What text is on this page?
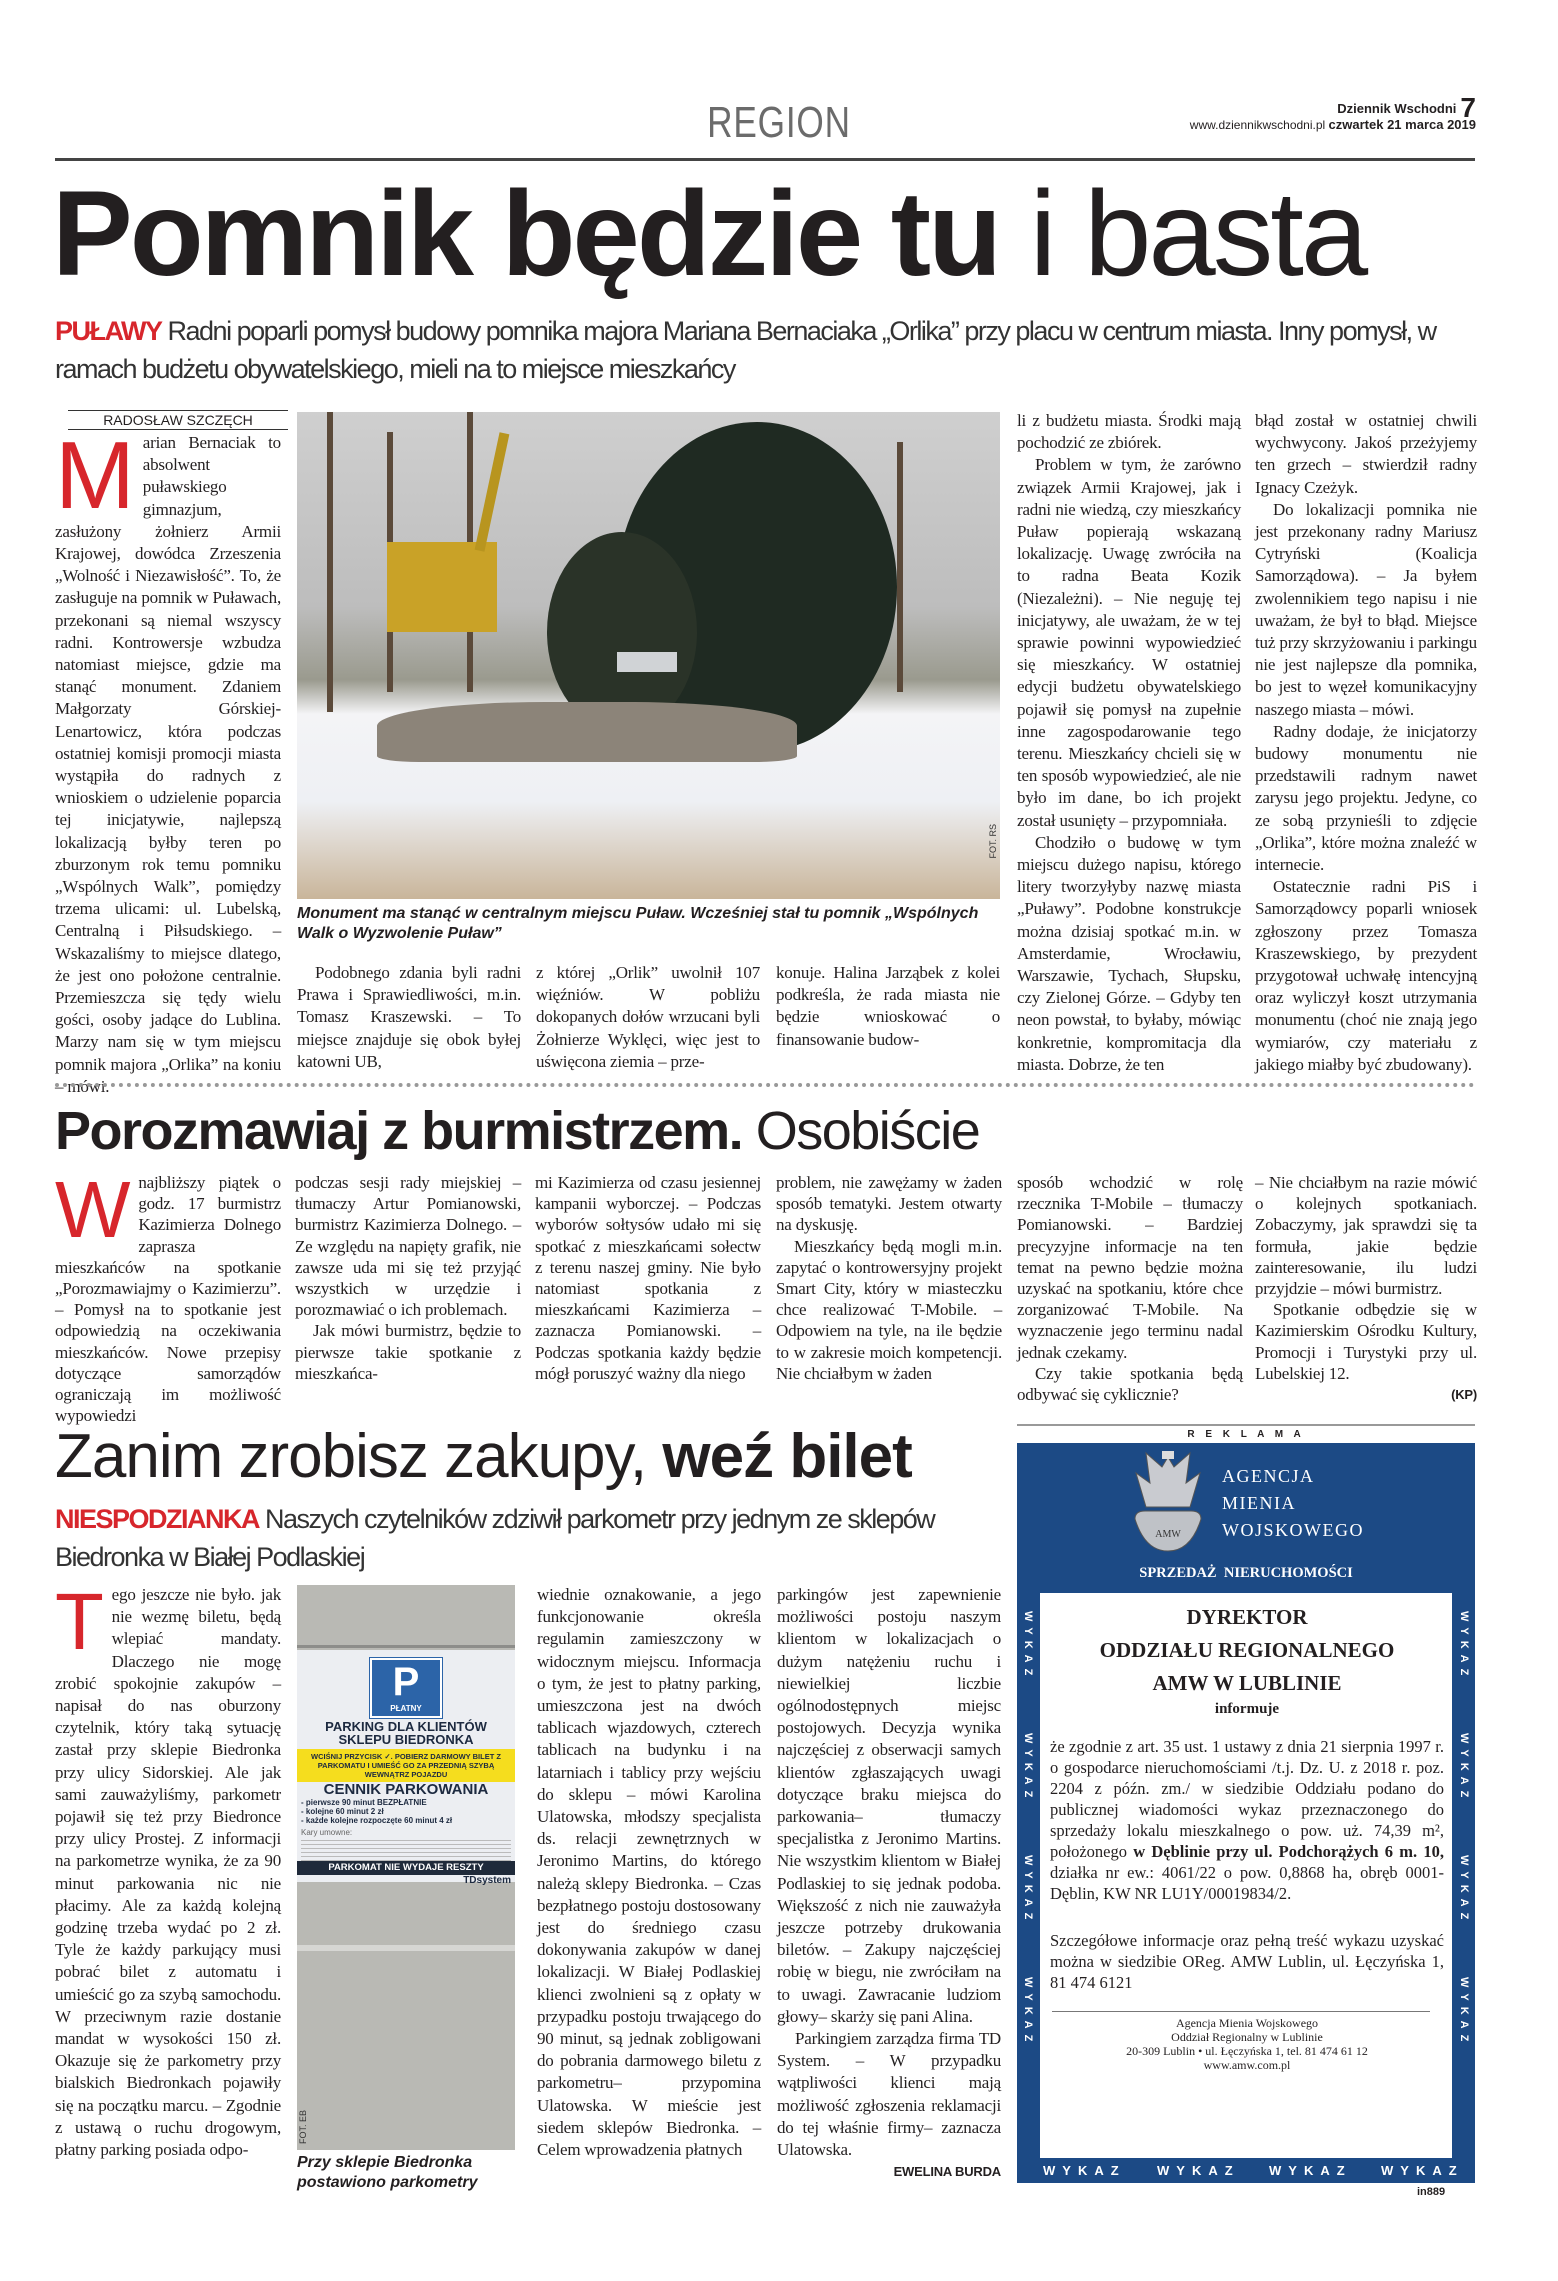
REGION	Dziennik Wschodni 7
www.dziennikwschodni.pl czwartek 21 marca 2019
Pomnik będzie tu i basta
PUŁAWY Radni poparli pomysł budowy pomnika majora Mariana Bernaciaka „Orlika” przy placu w centrum miasta. Inny pomysł, w ramach budżetu obywatelskiego, mieli na to miejsce mieszkańcy
RADOSŁAW SZCZĘCH
M arian Bernaciak to absolwent puławskiego gimnazjum, zasłużony żołnierz Armii Krajowej, dowódca Zrzeszenia „Wolność i Niezawisłość”. To, że zasługuje na pomnik w Puławach, przekonani są niemal wszyscy radni. Kontrowersje wzbudza natomiast miejsce, gdzie ma stanąć monument. Zdaniem Małgorzaty Górskiej-Lenartowicz, która podczas ostatniej komisji promocji miasta wystąpiła do radnych z wnioskiem o udzielenie poparcia tej inicjatywie, najlepszą lokalizacją byłby teren po zburzonym rok temu pomniku „Wspólnych Walk”, pomiędzy trzema ulicami: ul. Lubelską, Centralną i Piłsudskiego. – Wskazaliśmy to miejsce dlatego, że jest ono położone centralnie. Przemieszcza się tędy wielu gości, osoby jadące do Lublina. Marzy nam się w tym miejscu pomnik majora „Orlika” na koniu – mówi.

FOT. RS
Monument ma stanąć w centralnym miejscu Puław. Wcześniej stał tu pomnik „Wspólnych Walk o Wyzwolenie Puław”

Podobnego zdania byli radni Prawa i Sprawiedliwości, m.in. Tomasz Kraszewski. – To miejsce znajduje się obok byłej katowni UB,

z której „Orlik” uwolnił 107 więźniów. W pobliżu dokopanych dołów wrzucani byli Żołnierze Wyklęci, więc jest to uświęcona ziemia – prze-

konuje. Halina Jarząbek z kolei podkreśla, że rada miasta nie będzie wnioskować o finansowanie budow-

li z budżetu miasta. Środki mają pochodzić ze zbiórek.

Problem w tym, że zarówno związek Armii Krajowej, jak i radni nie wiedzą, czy mieszkańcy Puław popierają wskazaną lokalizację. Uwagę zwróciła na to radna Beata Kozik (Niezależni). – Nie neguję tej inicjatywy, ale uważam, że w tej sprawie powinni wypowiedzieć się mieszkańcy. W ostatniej edycji budżetu obywatelskiego pojawił się pomysł na zupełnie inne zagospodarowanie tego terenu. Mieszkańcy chcieli się w ten sposób wypowiedzieć, ale nie było im dane, bo ich projekt został usunięty – przypomniała.

Chodziło o budowę w tym miejscu dużego napisu, którego litery tworzyłyby nazwę miasta „Puławy”. Podobne konstrukcje można dzisiaj spotkać m.in. w Amsterdamie, Wrocławiu, Warszawie, Tychach, Słupsku, czy Zielonej Górze. – Gdyby ten neon powstał, to byłaby, mówiąc konkretnie, kompromitacja dla miasta. Dobrze, że ten

błąd został w ostatniej chwili wychwycony. Jakoś przeżyjemy ten grzech – stwierdził radny Ignacy Czeżyk.

Do lokalizacji pomnika nie jest przekonany radny Mariusz Cytryński (Koalicja Samorządowa). – Ja byłem zwolennikiem tego napisu i nie uważam, że był to błąd. Miejsce tuż przy skrzyżowaniu i parkingu nie jest najlepsze dla pomnika, bo jest to węzeł komunikacyjny naszego miasta – mówi.

Radny dodaje, że inicjatorzy budowy monumentu nie przedstawili radnym nawet zarysu jego projektu. Jedyne, co ze sobą przynieśli to zdjęcie „Orlika”, które można znaleźć w internecie.

Ostatecznie radni PiS i Samorządowcy poparli wniosek zgłoszony przez Tomasza Kraszewskiego, by prezydent przygotował uchwałę intencyjną oraz wyliczył koszt utrzymania monumentu (choć nie znają jego wymiarów, czy materiału z jakiego miałby być zbudowany).

Porozmawiaj z burmistrzem. Osobiście
W najbliższy piątek o godz. 17 burmistrz Kazimierza Dolnego zaprasza mieszkańców na spotkanie „Porozmawiajmy o Kazimierzu”. – Pomysł na to spotkanie jest odpowiedzią na oczekiwania mieszkańców. Nowe przepisy dotyczące samorządów ograniczają im możliwość wypowiedzi

podczas sesji rady miejskiej – tłumaczy Artur Pomianowski, burmistrz Kazimierza Dolnego. – Ze względu na napięty grafik, nie zawsze uda mi się też przyjąć wszystkich w urzędzie i porozmawiać o ich problemach.

Jak mówi burmistrz, będzie to pierwsze takie spotkanie z mieszkańca-

mi Kazimierza od czasu jesiennej kampanii wyborczej. – Podczas wyborów sołtysów udało mi się spotkać z mieszkańcami sołectw z terenu naszej gminy. Nie było natomiast spotkania z mieszkańcami Kazimierza – zaznacza Pomianowski. – Podczas spotkania każdy będzie mógł poruszyć ważny dla niego

problem, nie zawężamy w żaden sposób tematyki. Jestem otwarty na dyskusję.

Mieszkańcy będą mogli m.in. zapytać o kontrowersyjny projekt Smart City, który w miasteczku chce realizować T-Mobile. – Odpowiem na tyle, na ile będzie to w zakresie moich kompetencji. Nie chciałbym w żaden

sposób wchodzić w rolę rzecznika T-Mobile – tłumaczy Pomianowski. – Bardziej precyzyjne informacje na ten temat na pewno będzie można uzyskać na spotkaniu, które chce zorganizować T-Mobile. Na wyznaczenie jego terminu nadal jednak czekamy.

Czy takie spotkania będą odbywać się cyklicznie?

– Nie chciałbym na razie mówić o kolejnych spotkaniach. Zobaczymy, jak sprawdzi się ta formuła, jakie będzie zainteresowanie, ilu ludzi przyjdzie – mówi burmistrz.

Spotkanie odbędzie się w Kazimierskim Ośrodku Kultury, Promocji i Turystyki przy ul. Lubelskiej 12.

(KP)

Zanim zrobisz zakupy, weź bilet
NIESPODZIANKA Naszych czytelników zdziwił parkometr przy jednym ze sklepów Biedronka w Białej Podlaskiej
T ego jeszcze nie było. jak nie wezmę biletu, będą wlepiać mandaty. Dlaczego nie mogę zrobić spokojnie zakupów – napisał do nas oburzony czytelnik, który taką sytuację zastał przy sklepie Biedronka przy ulicy Sidorskiej. Ale jak sami zauważyliśmy, parkometr pojawił się też przy Biedronce przy ulicy Prostej. Z informacji na parkometrze wynika, że za 90 minut parkowania nic nie płacimy. Ale za każdą kolejną godzinę trzeba wydać po 2 zł. Tyle że każdy parkujący musi pobrać bilet z automatu i umieścić go za szybą samochodu. W przeciwnym razie dostanie mandat w wysokości 150 zł. Okazuje się że parkometry przy bialskich Biedronkach pojawiły się na początku marcu. – Zgodnie z ustawą o ruchu drogowym, płatny parking posiada odpo-

P
PŁATNY
PARKING DLA KLIENTÓW SKLEPU BIEDRONKA
WCIŚNIJ PRZYCISK ✓. POBIERZ DARMOWY BILET Z PARKOMATU I UMIEŚĆ GO ZA PRZEDNIĄ SZYBĄ WEWNĄTRZ POJAZDU
CENNIK PARKOWANIA
- pierwsze 90 minut BEZPŁATNIE
- kolejne 60 minut 2 zł
- każde kolejne rozpoczęte 60 minut 4 zł
Kary umowne:
PARKOMAT NIE WYDAJE RESZTY
TDsystem
FOT. EB
Przy sklepie Biedronka postawiono parkometry

wiednie oznakowanie, a jego funkcjonowanie określa regulamin zamieszczony w widocznym miejscu. Informacja o tym, że jest to płatny parking, umieszczona jest na dwóch tablicach wjazdowych, czterech tablicach na budynku i na latarniach i tablicy przy wejściu do sklepu – mówi Karolina Ulatowska, młodszy specjalista ds. relacji zewnętrznych w Jeronimo Martins, do którego należą sklepy Biedronka. – Czas bezpłatnego postoju dostosowany jest do średniego czasu dokonywania zakupów w danej lokalizacji. W Białej Podlaskiej klienci zwolnieni są z opłaty w przypadku postoju trwającego do 90 minut, są jednak zobligowani do pobrania darmowego biletu z parkometru– przypomina Ulatowska. W mieście jest siedem sklepów Biedronka. – Celem wprowadzenia płatnych

parkingów jest zapewnienie możliwości postoju naszym klientom w lokalizacjach o dużym natężeniu ruchu i niewielkiej liczbie ogólnodostępnych miejsc postojowych. Decyzja wynika najczęściej z obserwacji samych klientów zgłaszających uwagi dotyczące braku miejsca do parkowania– tłumaczy specjalistka z Jeronimo Martins. Nie wszystkim klientom w Białej Podlaskiej to się jednak podoba. Większość z nich nie zauważyła jeszcze potrzeby drukowania biletów. – Zakupy najczęściej robię w biegu, nie zwróciłam na to uwagi. Zawracanie ludziom głowy– skarży się pani Alina.

Parkingiem zarządza firma TD System. – W przypadku wątpliwości klienci mają możliwość zgłoszenia reklamacji do tej właśnie firmy– zaznacza Ulatowska.

EWELINA BURDA

R E K L A M A
AMW
AGENCJA
MIENIA
WOJSKOWEGO
SPRZEDAŻ  NIERUCHOMOŚCI
WYKAZ
WYKAZ
WYKAZ
WYKAZ
WYKAZ
WYKAZ
WYKAZ
WYKAZ
WYKAZ WYKAZ WYKAZ WYKAZ
DYREKTOR
ODDZIAŁU REGIONALNEGO
AMW W LUBLINIE
informuje

że zgodnie z art. 35 ust. 1 ustawy z dnia 21 sierpnia 1997 r. o gospodarce nieruchomościami /t.j. Dz. U. z 2018 r. poz. 2204 z późn. zm./ w siedzibie Oddziału podano do publicznej wiadomości wykaz przeznaczonego do sprzedaży lokalu mieszkalnego o pow. uż. 74,39 m², położonego w Dęblinie przy ul. Podchorążych 6 m. 10, działka nr ew.: 4061/22 o pow. 0,8868 ha, obręb 0001-Dęblin, KW NR LU1Y/00019834/2.

Szczegółowe informacje oraz pełną treść wykazu uzyskać można w siedzibie OReg. AMW Lublin, ul. Łęczyńska 1, 81 474 6121

Agencja Mienia Wojskowego
Oddział Regionalny w Lublinie
20-309 Lublin • ul. Łęczyńska 1, tel. 81 474 61 12
www.amw.com.pl
in889
